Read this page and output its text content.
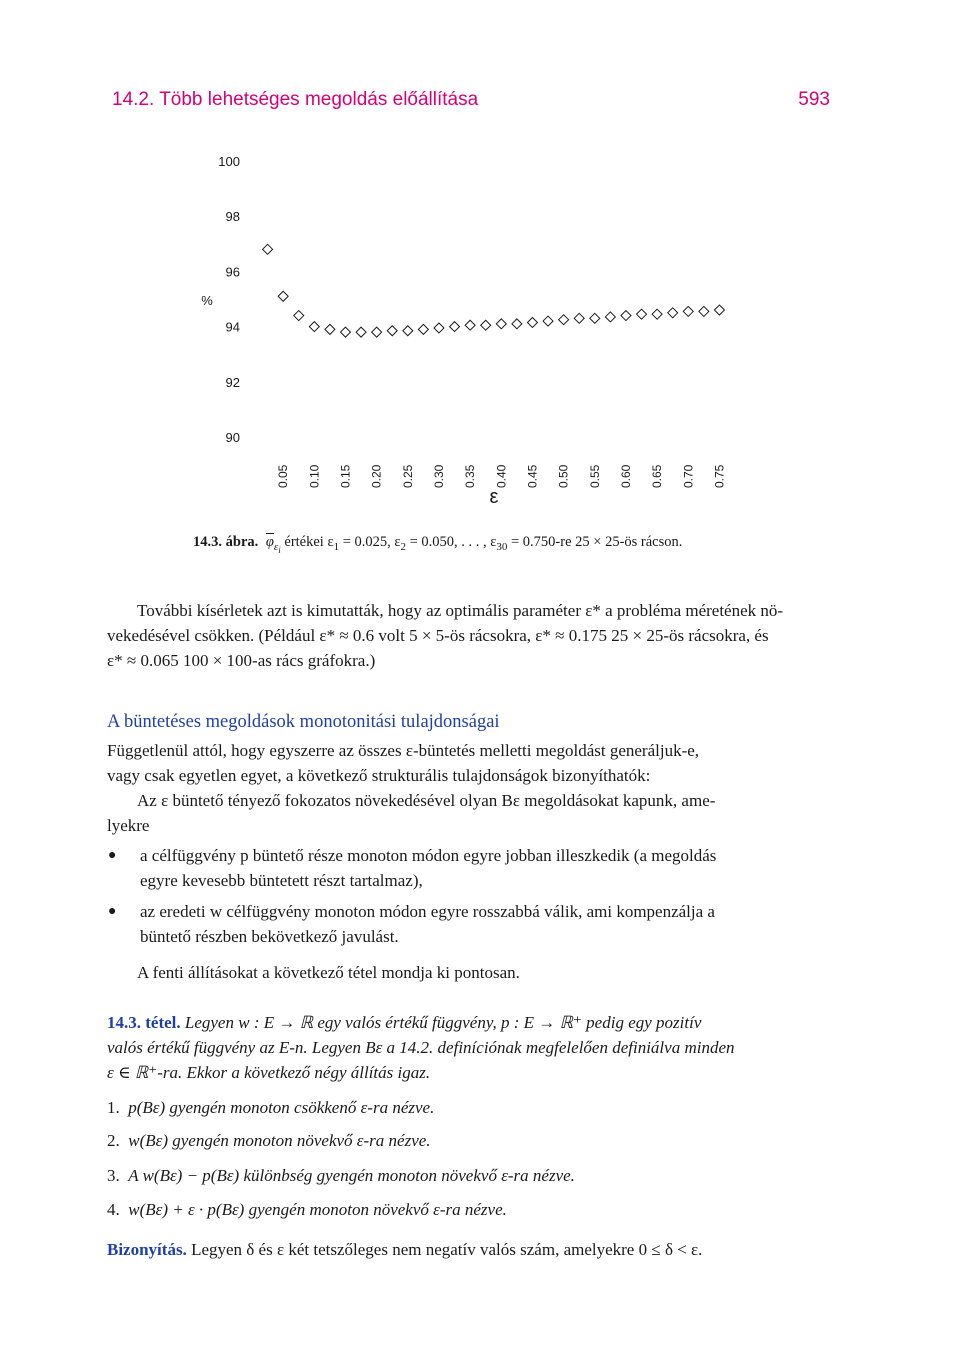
14.2. Több lehetséges megoldás előállítása	593
100
98
96
94
92
90
%
0.05 0.10 0.15 0.20 0.25 0.30 0.35 0.40 0.45 0.50 0.55 0.60 0.65 0.70 0.75
ε
14.3. ábra. $\overline{\varphi}_{\varepsilon_i}$ értékei $\varepsilon_1 = 0.025$, $\varepsilon_2 = 0.050$, . . . , $\varepsilon_{30} = 0.750-re$ 25 × 25-ös rácson.
További kísérletek azt is kimutatták, hogy az optimális paraméter ε* a probléma méretének nö-
vekedésével csökken. (Például ε* ≈ 0.6 volt 5 × 5-ös rácsokra, ε* ≈ 0.175 25 × 25-ös rácsokra, és
ε* ≈ 0.065 100 × 100-as rács gráfokra.)
A büntetéses megoldások monotonitási tulajdonságai
Függetlenül attól, hogy egyszerre az összes ε-büntetés melletti megoldást generáljuk-e,
vagy csak egyetlen egyet, a következő strukturális tulajdonságok bizonyíthatók:
Az ε büntető tényező fokozatos növekedésével olyan Bε megoldásokat kapunk, ame-
lyekre
● a célfüggvény p büntető része monoton módon egyre jobban illeszkedik (a megoldás
egyre kevesebb büntetett részt tartalmaz),
● az eredeti w célfüggvény monoton módon egyre rosszabbá válik, ami kompenzálja a
büntető részben bekövetkező javulást.
A fenti állításokat a következő tétel mondja ki pontosan.
14.3. tétel. Legyen w : E → ℝ egy valós értékű függvény, p : E → ℝ⁺ pedig egy pozitív
valós értékű függvény az E-n. Legyen Bε a 14.2. definíciónak megfelelően definiálva minden
ε ∈ ℝ⁺-ra. Ekkor a következő négy állítás igaz.
1. p(Bε) gyengén monoton csökkenő ε-ra nézve.
2. w(Bε) gyengén monoton növekvő ε-ra nézve.
3. A w(Bε) − p(Bε) különbség gyengén monoton növekvő ε-ra nézve.
4. w(Bε) + ε · p(Bε) gyengén monoton növekvő ε-ra nézve.
Bizonyítás. Legyen δ és ε két tetszőleges nem negatív valós szám, amelyekre 0 ≤ δ < ε.
